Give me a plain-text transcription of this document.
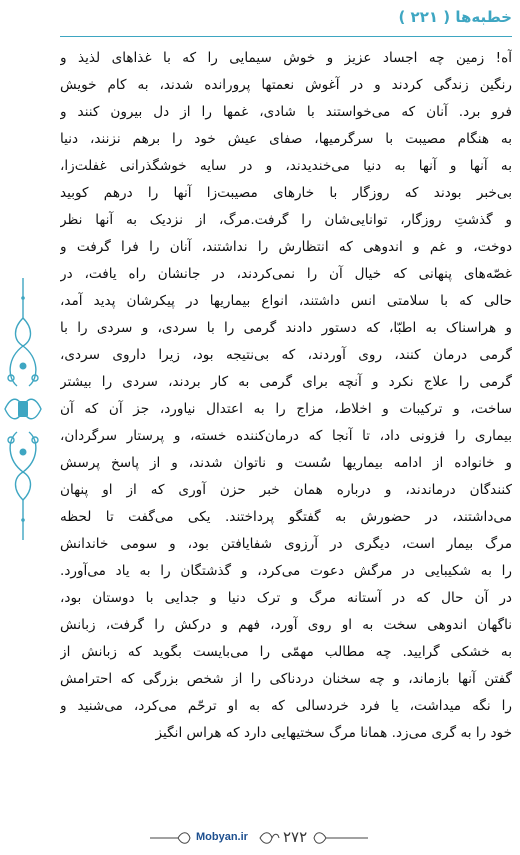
خطبه‌ها ( ۲۲۱ )
آه! زمین چه اجساد عزیز و خوش سیمایی را که با غذاهای لذیذ و
رنگین زندگی کردند و در آغوش نعمتها پرورانده شدند، به کام خویش
فرو برد. آنان که می‌خواستند با شادی، غمها را از دل بیرون کنند و
به هنگام مصیبت با سرگرمیها، صفای عیش خود را برهم نزنند، دنیا
به آنها و آنها به دنیا می‌خندیدند، و در سایه خوشگذرانی غفلت‌زا،
بی‌خبر بودند که روزگار با خارهای مصیبت‌زا آنها را درهم کوبید
و گذشتِ روزگار، توانایی‌شان را گرفت.مرگ، از نزدیک به آنها نظر
دوخت، و غم و اندوهی که انتظارش را نداشتند، آنان را فرا گرفت و
غصّه‌های پنهانی که خیال آن را نمی‌کردند، در جانشان راه یافت، در
حالی که با سلامتی انس داشتند، انواع بیماریها در پیکرشان پدید آمد،
و هراسناک به اطبّا، که دستور دادند گرمی را با سردی، و سردی را با
گرمی درمان کنند، روی آوردند، که بی‌نتیجه بود، زیرا داروی سردی،
گرمی را علاج نکرد و آنچه برای گرمی به کار بردند، سردی را بیشتر
ساخت، و ترکیبات و اخلاط، مزاج را به اعتدال نیاورد، جز آن که آن
بیماری را فزونی داد، تا آنجا که درمان‌کننده خسته، و پرستار سرگردان،
و خانواده از ادامه بیماریها سُست و ناتوان شدند، و از پاسخ پرسش
کنندگان درماندند، و درباره همان خبر حزن آوری که از او پنهان
می‌داشتند، در حضورش به گفتگو پرداختند. یکی می‌گفت تا لحظه
مرگ بیمار است، دیگری در آرزوی شفایافتن بود، و سومی خاندانش
را به شکیبایی در مرگش دعوت می‌کرد، و گذشتگان را به یاد می‌آورد.
در آن حال که در آستانه مرگ و ترک دنیا و جدایی با دوستان بود،
ناگهان اندوهی سخت به او روی آورد، فهم و درکش را گرفت، زبانش
به خشکی گرایید. چه مطالب مهمّی را می‌بایست بگوید که زبانش از
گفتن آنها بازماند، و چه سخنان دردناکی را از شخص بزرگی که احترامش
را نگه میداشت، یا فرد خردسالی که به او ترحّم می‌کرد، می‌شنید و
خود را به گری می‌زد. همانا مرگ سختیهایی دارد که هراس انگیز
Mobyan.ir ۲۷۲
